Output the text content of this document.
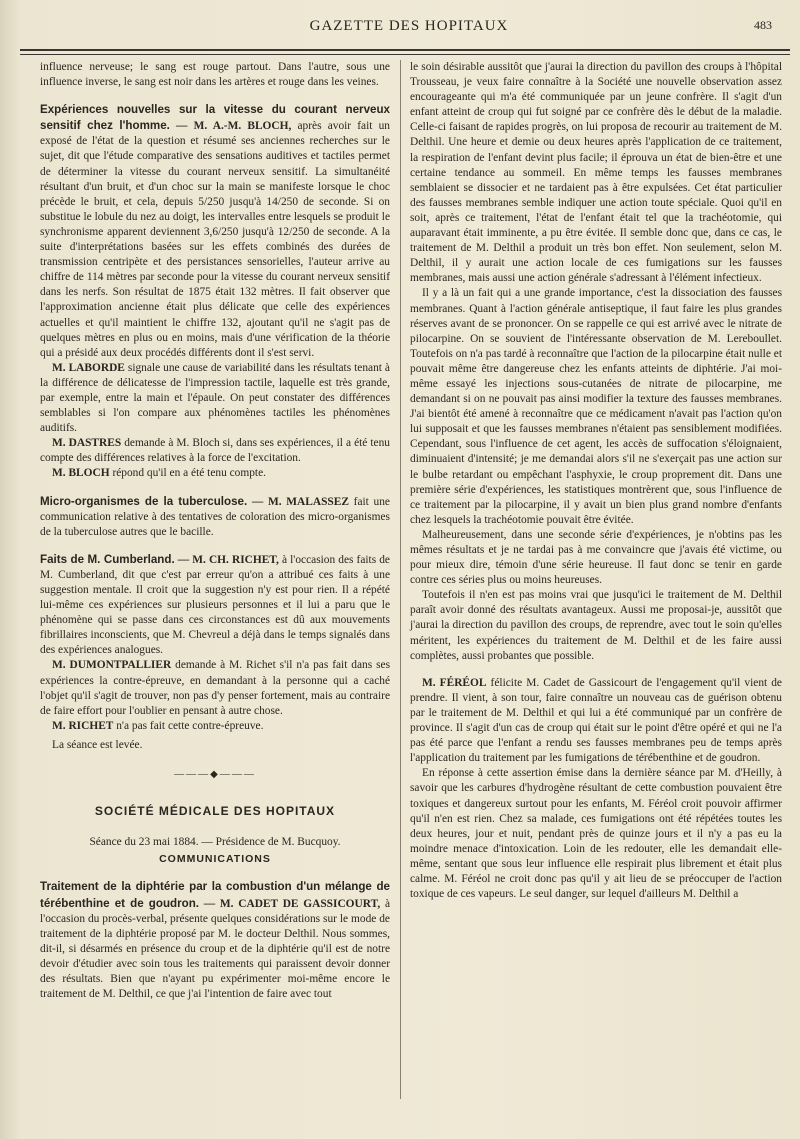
GAZETTE DES HOPITAUX	483

influence nerveuse; le sang est rouge partout. Dans l'autre, sous une influence inverse, le sang est noir dans les artères et rouge dans les veines.

Expériences nouvelles sur la vitesse du courant nerveux sensitif chez l'homme. — M. A.-M. BLOCH, après avoir fait un exposé de l'état de la question et résumé ses anciennes recherches sur le sujet, dit que l'étude comparative des sensations auditives et tactiles permet de déterminer la vitesse du courant nerveux sensitif. La simultanéité résultant d'un bruit, et d'un choc sur la main se manifeste lorsque le choc précède le bruit, et cela, depuis 5/250 jusqu'à 14/250 de seconde. Si on substitue le lobule du nez au doigt, les intervalles entre lesquels se produit le synchronisme apparent deviennent 3,6/250 jusqu'à 12/250 de seconde. A la suite d'interprétations basées sur les effets combinés des durées de transmission centripète et des persistances sensorielles, l'auteur arrive au chiffre de 114 mètres par seconde pour la vitesse du courant nerveux sensitif dans les nerfs. Son résultat de 1875 était 132 mètres. Il fait observer que l'approximation ancienne était plus délicate que celle des expériences actuelles et qu'il maintient le chiffre 132, ajoutant qu'il ne s'agit pas de quelques mètres en plus ou en moins, mais d'une vérification de la théorie qui a présidé aux deux procédés différents dont il s'est servi.

M. LABORDE signale une cause de variabilité dans les résultats tenant à la différence de délicatesse de l'impression tactile, laquelle est très grande, par exemple, entre la main et l'épaule. On peut constater des différences semblables si l'on compare aux phénomènes tactiles les phénomènes auditifs.

M. DASTRES demande à M. Bloch si, dans ses expériences, il a été tenu compte des différences relatives à la force de l'excitation.

M. BLOCH répond qu'il en a été tenu compte.

Micro-organismes de la tuberculose. — M. MALASSEZ fait une communication relative à des tentatives de coloration des micro-organismes de la tuberculose autres que le bacille.

Faits de M. Cumberland. — M. CH. RICHET, à l'occasion des faits de M. Cumberland, dit que c'est par erreur qu'on a attribué ces faits à une suggestion mentale. Il croit que la suggestion n'y est pour rien. Il a répété lui-même ces expériences sur plusieurs personnes et il lui a paru que le phénomène qui se passe dans ces circonstances est dû aux mouvements fibrillaires inconscients, que M. Chevreul a déjà dans le temps signalés dans des expériences analogues.

M. DUMONTPALLIER demande à M. Richet s'il n'a pas fait dans ses expériences la contre-épreuve, en demandant à la personne qui a caché l'objet qu'il s'agit de trouver, non pas d'y penser fortement, mais au contraire de faire effort pour l'oublier en pensant à autre chose.

M. RICHET n'a pas fait cette contre-épreuve.

La séance est levée.

———◆———
SOCIÉTÉ MÉDICALE DES HOPITAUX

Séance du 23 mai 1884. — Présidence de M. Bucquoy.

COMMUNICATIONS

Traitement de la diphtérie par la combustion d'un mélange de térébenthine et de goudron. — M. CADET DE GASSICOURT, à l'occasion du procès-verbal, présente quelques considérations sur le mode de traitement de la diphtérie proposé par M. le docteur Delthil. Nous sommes, dit-il, si désarmés en présence du croup et de la diphtérie qu'il est de notre devoir d'étudier avec soin tous les traitements qui paraissent devoir donner des résultats. Bien que n'ayant pu expérimenter moi-même encore le traitement de M. Delthil, ce que j'ai l'intention de faire avec tout

le soin désirable aussitôt que j'aurai la direction du pavillon des croups à l'hôpital Trousseau, je veux faire connaître à la Société une nouvelle observation assez encourageante qui m'a été communiquée par un jeune confrère. Il s'agit d'un enfant atteint de croup qui fut soigné par ce confrère dès le début de la maladie. Celle-ci faisant de rapides progrès, on lui proposa de recourir au traitement de M. Delthil. Une heure et demie ou deux heures après l'application de ce traitement, la respiration de l'enfant devint plus facile; il éprouva un état de bien-être et une certaine tendance au sommeil. En même temps les fausses membranes semblaient se dissocier et ne tardaient pas à être expulsées. Cet état particulier des fausses membranes semble indiquer une action toute spéciale. Quoi qu'il en soit, après ce traitement, l'état de l'enfant était tel que la trachéotomie, qui auparavant était imminente, a pu être évitée. Il semble donc que, dans ce cas, le traitement de M. Delthil a produit un très bon effet. Non seulement, selon M. Delthil, il y aurait une action locale de ces fumigations sur les fausses membranes, mais aussi une action générale s'adressant à l'élément infectieux.

Il y a là un fait qui a une grande importance, c'est la dissociation des fausses membranes. Quant à l'action générale antiseptique, il faut faire les plus grandes réserves avant de se prononcer. On se rappelle ce qui est arrivé avec le nitrate de pilocarpine. On se souvient de l'intéressante observation de M. Lereboullet. Toutefois on n'a pas tardé à reconnaître que l'action de la pilocarpine était nulle et pouvait même être dangereuse chez les enfants atteints de diphtérie. J'ai moi-même essayé les injections sous-cutanées de nitrate de pilocarpine, me demandant si on ne pouvait pas ainsi modifier la texture des fausses membranes. J'ai bientôt été amené à reconnaître que ce médicament n'avait pas l'action qu'on lui supposait et que les fausses membranes n'étaient pas sensiblement modifiées. Cependant, sous l'influence de cet agent, les accès de suffocation s'éloignaient, diminuaient d'intensité; je me demandai alors s'il ne s'exerçait pas une action sur le bulbe retardant ou empêchant l'asphyxie, le croup proprement dit. Dans une première série d'expériences, les statistiques montrèrent que, sous l'influence de ce traitement par la pilocarpine, il y avait un bien plus grand nombre d'enfants chez lesquels la trachéotomie pouvait être évitée.

Malheureusement, dans une seconde série d'expériences, je n'obtins pas les mêmes résultats et je ne tardai pas à me convaincre que j'avais été victime, ou pour mieux dire, témoin d'une série heureuse. Il faut donc se tenir en garde contre ces séries plus ou moins heureuses.

Toutefois il n'en est pas moins vrai que jusqu'ici le traitement de M. Delthil paraît avoir donné des résultats avantageux. Aussi me proposai-je, aussitôt que j'aurai la direction du pavillon des croups, de reprendre, avec tout le soin qu'elles méritent, les expériences du traitement de M. Delthil et de les faire aussi complètes, aussi probantes que possible.

M. FÉRÉOL félicite M. Cadet de Gassicourt de l'engagement qu'il vient de prendre. Il vient, à son tour, faire connaître un nouveau cas de guérison obtenu par le traitement de M. Delthil et qui lui a été communiqué par un confrère de province. Il s'agit d'un cas de croup qui était sur le point d'être opéré et qui ne l'a pas été parce que l'enfant a rendu ses fausses membranes peu de temps après l'application du traitement par les fumigations de térébenthine et de goudron.

En réponse à cette assertion émise dans la dernière séance par M. d'Heilly, à savoir que les carbures d'hydrogène résultant de cette combustion pouvaient être toxiques et dangereux surtout pour les enfants, M. Féréol croit pouvoir affirmer qu'il n'en est rien. Chez sa malade, ces fumigations ont été répétées toutes les deux heures, jour et nuit, pendant près de quinze jours et il n'y a pas eu la moindre menace d'intoxication. Loin de les redouter, elle les demandait elle-même, sentant que sous leur influence elle respirait plus librement et était plus calme. M. Féréol ne croit donc pas qu'il y ait lieu de se préoccuper de l'action toxique de ces vapeurs. Le seul danger, sur lequel d'ailleurs M. Delthil a
